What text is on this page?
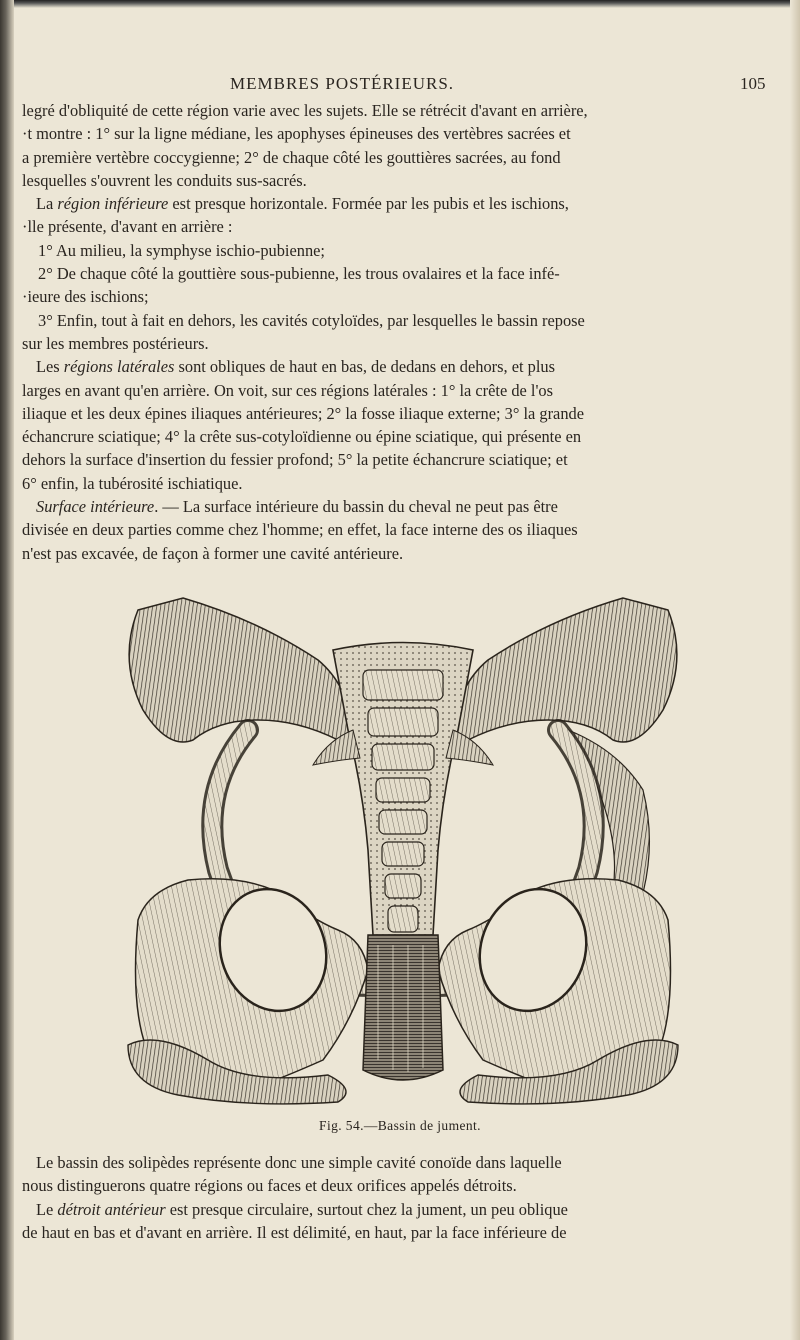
MEMBRES POSTÉRIEURS.	105

legré d'obliquité de cette région varie avec les sujets. Elle se rétrécit d'avant en arrière,

·t montre : 1° sur la ligne médiane, les apophyses épineuses des vertèbres sacrées et

a première vertèbre coccygienne; 2° de chaque côté les gouttières sacrées, au fond

lesquelles s'ouvrent les conduits sus-sacrés.

La région inférieure est presque horizontale. Formée par les pubis et les ischions,

·lle présente, d'avant en arrière :

1° Au milieu, la symphyse ischio-pubienne;

2° De chaque côté la gouttière sous-pubienne, les trous ovalaires et la face infé-

·ieure des ischions;

3° Enfin, tout à fait en dehors, les cavités cotyloïdes, par lesquelles le bassin repose

sur les membres postérieurs.

Les régions latérales sont obliques de haut en bas, de dedans en dehors, et plus

larges en avant qu'en arrière. On voit, sur ces régions latérales : 1° la crête de l'os

iliaque et les deux épines iliaques antérieures; 2° la fosse iliaque externe; 3° la grande

échancrure sciatique; 4° la crête sus-cotyloïdienne ou épine sciatique, qui présente en

dehors la surface d'insertion du fessier profond; 5° la petite échancrure sciatique; et

6° enfin, la tubérosité ischiatique.

Surface intérieure. — La surface intérieure du bassin du cheval ne peut pas être

divisée en deux parties comme chez l'homme; en effet, la face interne des os iliaques

n'est pas excavée, de façon à former une cavité antérieure.

Fig. 54.—Bassin de jument.

Le bassin des solipèdes représente donc une simple cavité conoïde dans laquelle

nous distinguerons quatre régions ou faces et deux orifices appelés détroits.

Le détroit antérieur est presque circulaire, surtout chez la jument, un peu oblique

de haut en bas et d'avant en arrière. Il est délimité, en haut, par la face inférieure de
